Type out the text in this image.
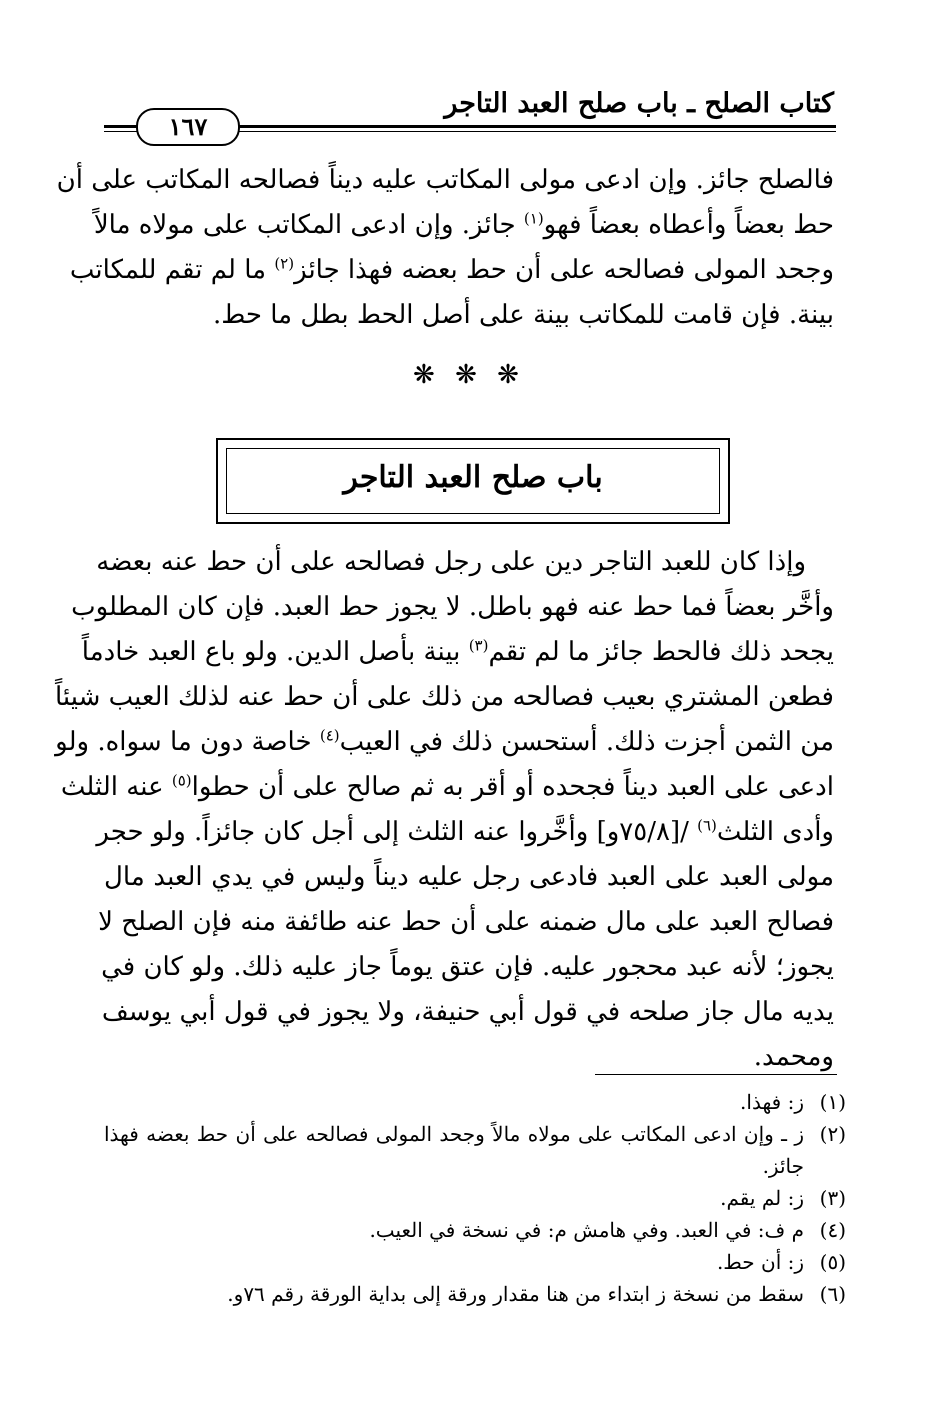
كتاب الصلح ـ باب صلح العبد التاجر
١٦٧
فالصلح جائز. وإن ادعى مولى المكاتب عليه ديناً فصالحه المكاتب على أن
حط بعضاً وأعطاه بعضاً فهو$^{(١)}$ جائز. وإن ادعى المكاتب على مولاه مالاً
وجحد المولى فصالحه على أن حط بعضه فهذا جائز$^{(٢)}$ ما لم تقم للمكاتب
بينة. فإن قامت للمكاتب بينة على أصل الحط بطل ما حط.
❋ ❋ ❋
باب صلح العبد التاجر
وإذا كان للعبد التاجر دين على رجل فصالحه على أن حط عنه بعضه
وأخَّر بعضاً فما حط عنه فهو باطل. لا يجوز حط العبد. فإن كان المطلوب
يجحد ذلك فالحط جائز ما لم تقم$^{(٣)}$ بينة بأصل الدين. ولو باع العبد خادماً
فطعن المشتري بعيب فصالحه من ذلك على أن حط عنه لذلك العيب شيئاً
من الثمن أجزت ذلك. أستحسن ذلك في العيب$^{(٤)}$ خاصة دون ما سواه. ولو
ادعى على العبد ديناً فجحده أو أقر به ثم صالح على أن حطوا$^{(٥)}$ عنه الثلث
وأدى الثلث$^{(٦)}$ /[٧٥/٨و] وأخَّروا عنه الثلث إلى أجل كان جائزاً. ولو حجر
مولى العبد على العبد فادعى رجل عليه ديناً وليس في يدي العبد مال
فصالح العبد على مال ضمنه على أن حط عنه طائفة منه فإن الصلح لا
يجوز؛ لأنه عبد محجور عليه. فإن عتق يوماً جاز عليه ذلك. ولو كان في
يديه مال جاز صلحه في قول أبي حنيفة، ولا يجوز في قول أبي يوسف
ومحمد.
(١)
ز: فهذا.
(٢)
ز ـ وإن ادعى المكاتب على مولاه مالاً وجحد المولى فصالحه على أن حط بعضه فهذا جائز.
(٣)
ز: لم يقم.
(٤)
م ف: في العبد. وفي هامش م: في نسخة في العيب.
(٥)
ز: أن حط.
(٦)
سقط من نسخة ز ابتداء من هنا مقدار ورقة إلى بداية الورقة رقم ٧٦و.
